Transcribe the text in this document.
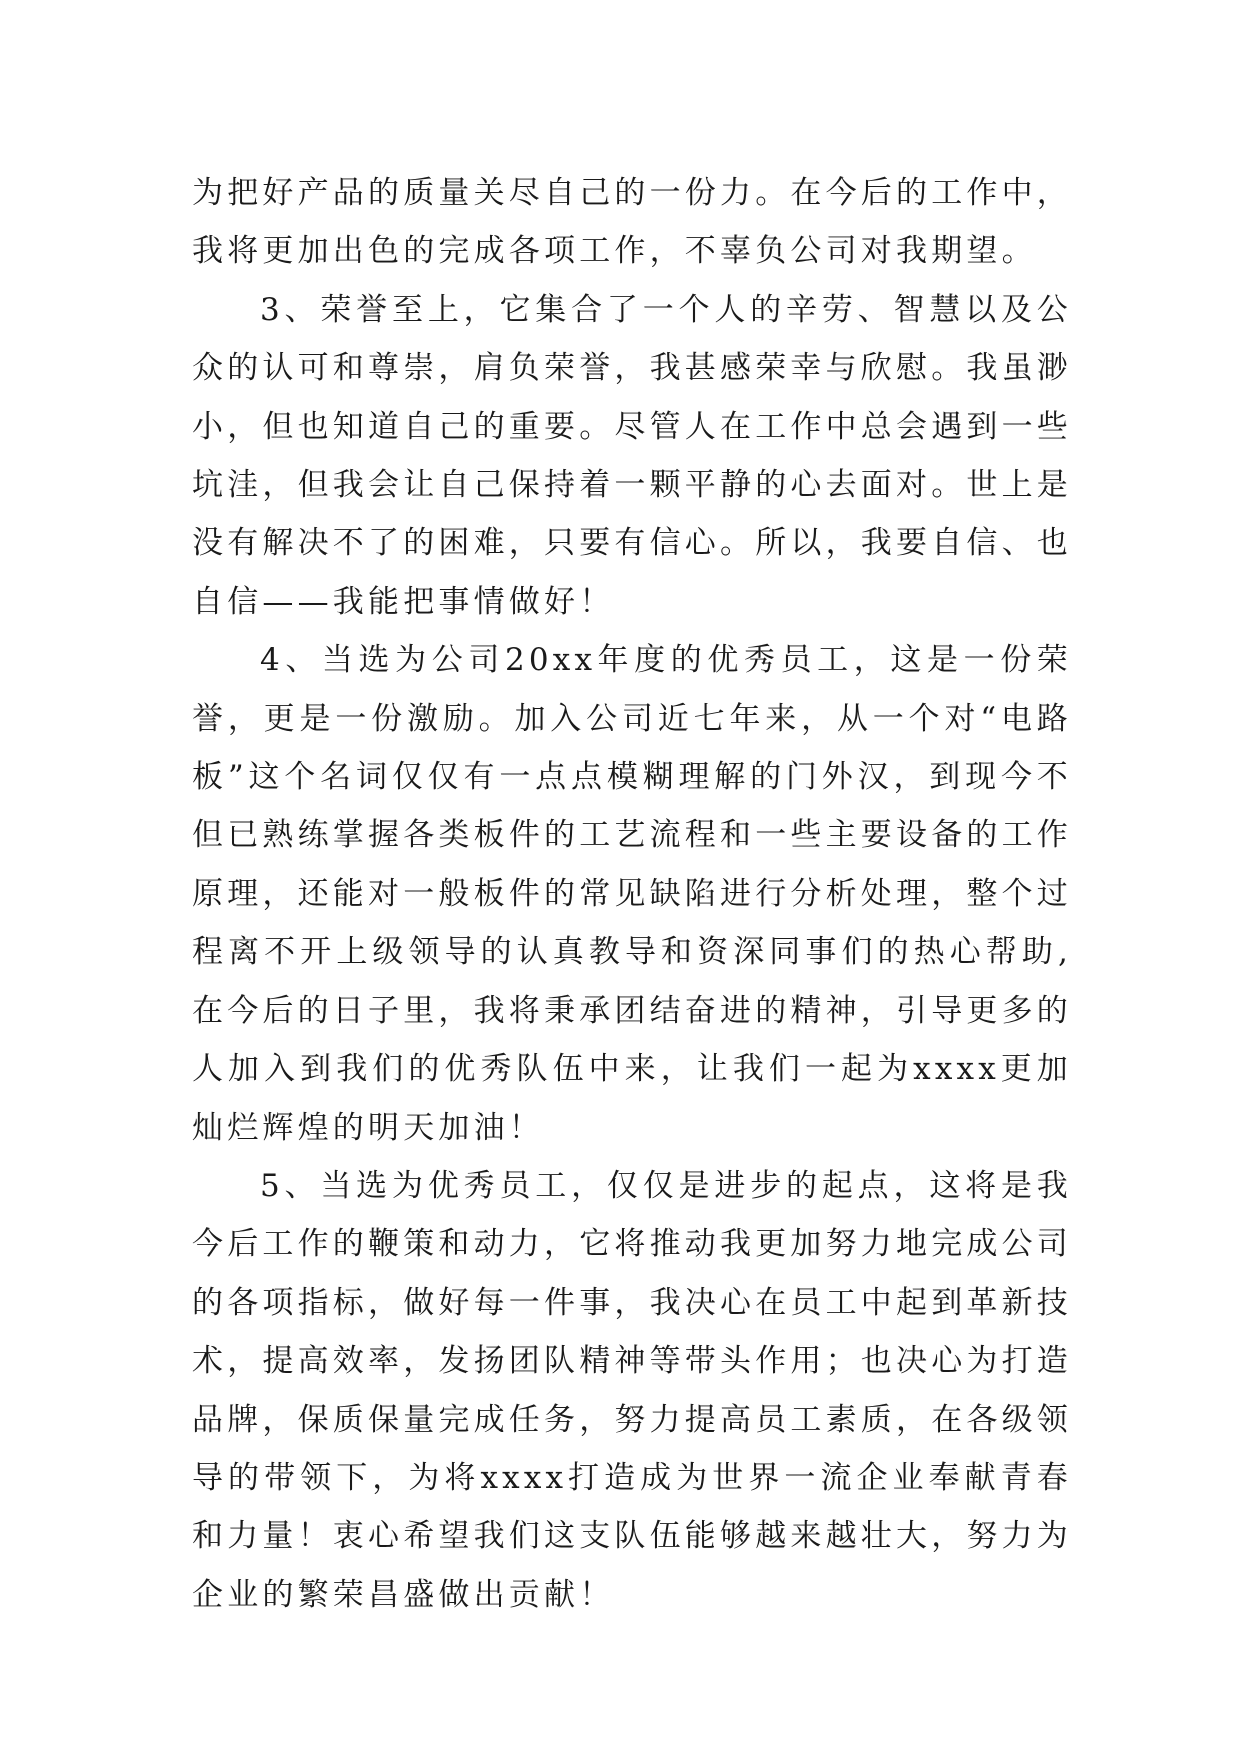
为把好产品的质量关尽自己的一份力。在今后的工作中，我将更加出色的完成各项工作，不辜负公司对我期望。

3、荣誉至上，它集合了一个人的辛劳、智慧以及公众的认可和尊崇，肩负荣誉，我甚感荣幸与欣慰。我虽渺小，但也知道自己的重要。尽管人在工作中总会遇到一些坑洼，但我会让自己保持着一颗平静的心去面对。世上是没有解决不了的困难，只要有信心。所以，我要自信、也自信——我能把事情做好！

4、当选为公司20xx年度的优秀员工，这是一份荣誉，更是一份激励。加入公司近七年来，从一个对“电路板”这个名词仅仅有一点点模糊理解的门外汉，到现今不但已熟练掌握各类板件的工艺流程和一些主要设备的工作原理，还能对一般板件的常见缺陷进行分析处理，整个过程离不开上级领导的认真教导和资深同事们的热心帮助,在今后的日子里，我将秉承团结奋进的精神，引导更多的人加入到我们的优秀队伍中来，让我们一起为xxxx更加灿烂辉煌的明天加油！

5、当选为优秀员工，仅仅是进步的起点，这将是我今后工作的鞭策和动力，它将推动我更加努力地完成公司的各项指标，做好每一件事，我决心在员工中起到革新技术，提高效率，发扬团队精神等带头作用；也决心为打造品牌，保质保量完成任务，努力提高员工素质，在各级领导的带领下，为将xxxx打造成为世界一流企业奉献青春和力量！衷心希望我们这支队伍能够越来越壮大，努力为企业的繁荣昌盛做出贡献！
